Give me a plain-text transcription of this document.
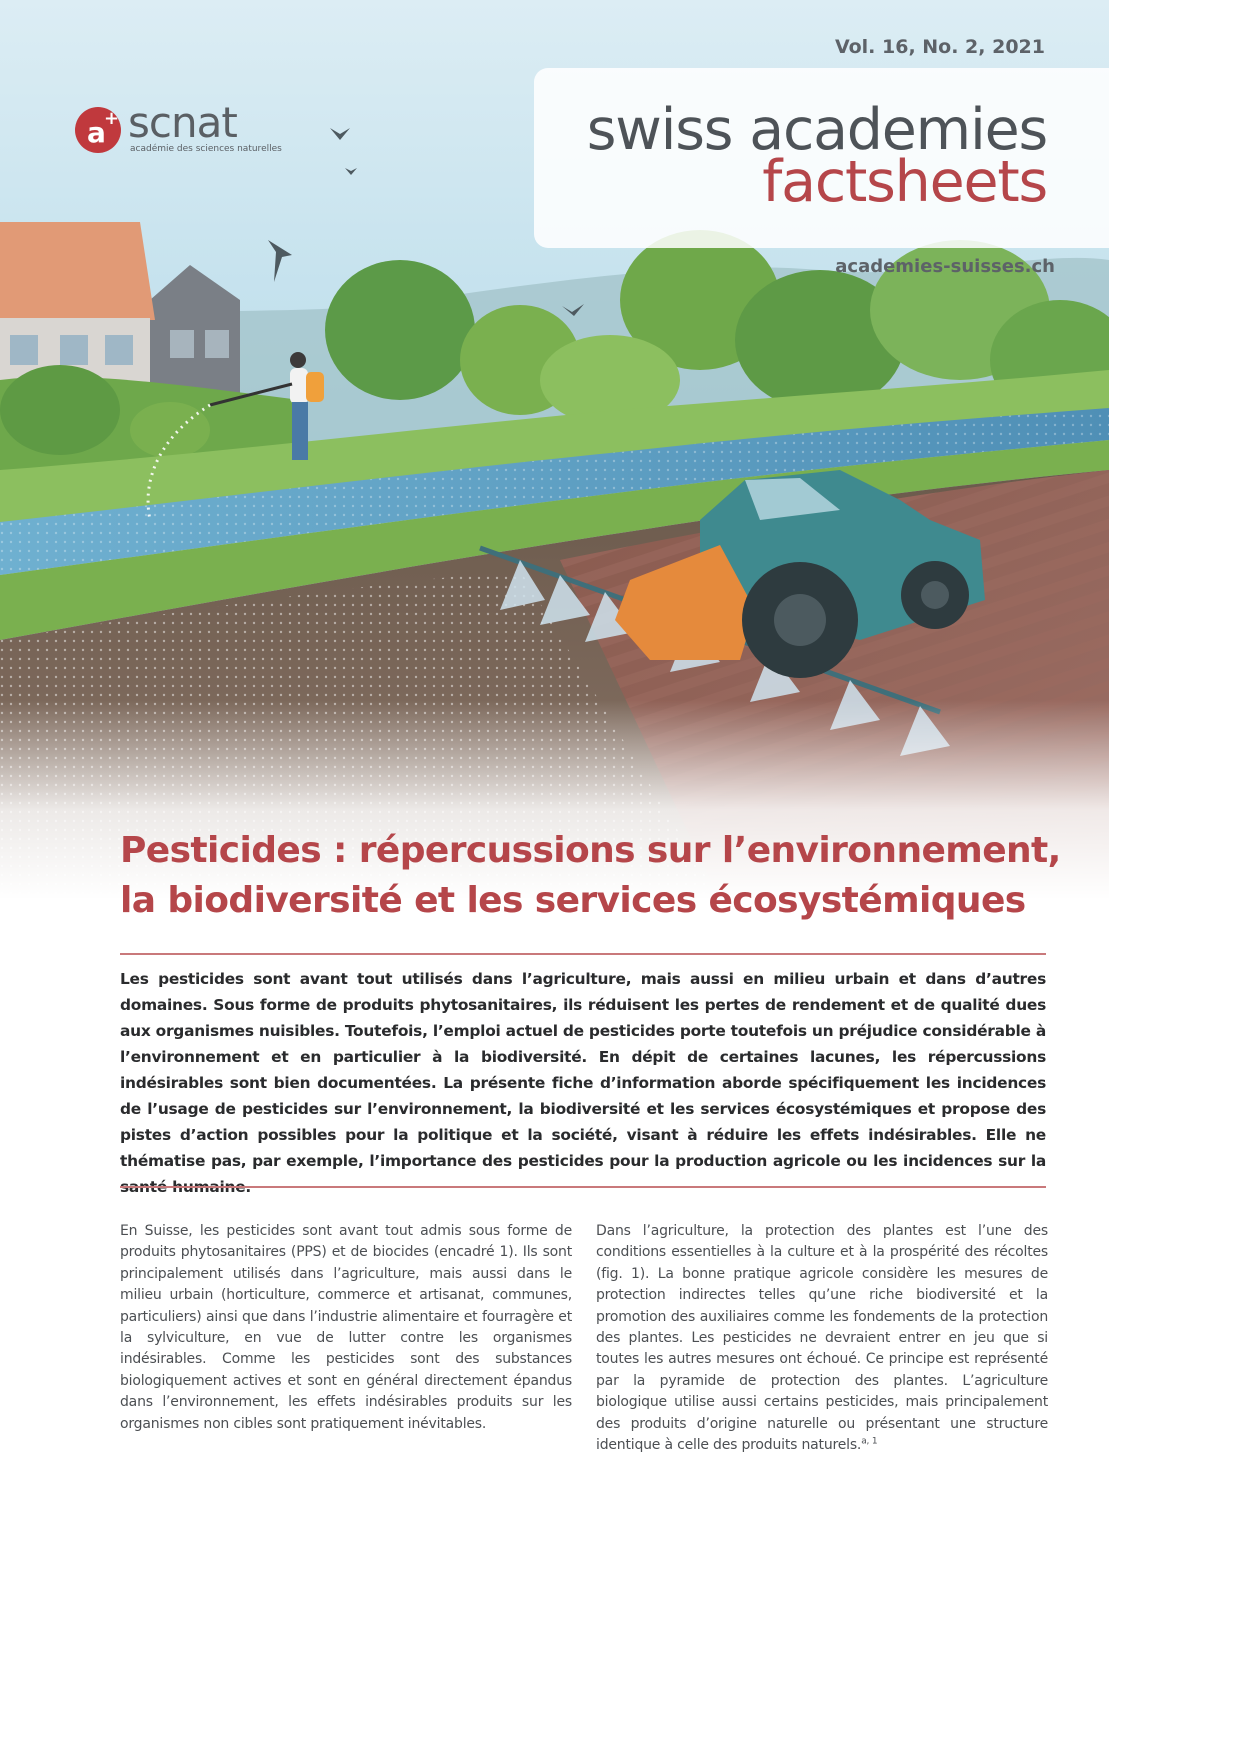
Vol. 16, No. 2, 2021
swiss academies
factsheets
academies-suisses.ch
a
+ scnat
académie des sciences naturelles
Pesticides : répercussions sur l’environnement,
la biodiversité et les services écosystémiques
Les pesticides sont avant tout utilisés dans l’agriculture, mais aussi en milieu urbain et dans d’autres domaines. Sous forme de produits phytosanitaires, ils réduisent les pertes de rendement et de qualité dues aux organismes nuisibles. Toutefois, l’emploi actuel de pesticides porte toutefois un préjudice considérable à l’environnement et en particulier à la biodiversité. En dépit de certaines lacunes, les répercussions indésirables sont bien documentées. La présente fiche d’information aborde spécifiquement les incidences de l’usage de pesticides sur l’environnement, la biodiversité et les services écosystémiques et propose des pistes d’action possibles pour la politique et la société, visant à réduire les effets indésirables. Elle ne thématise pas, par exemple, l’importance des pesticides pour la production agricole ou les incidences sur la santé humaine.
En Suisse, les pesticides sont avant tout admis sous forme de produits phytosanitaires (PPS) et de biocides (encadré 1). Ils sont principalement utilisés dans l’agriculture, mais aussi dans le milieu urbain (horticulture, commerce et artisanat, communes, particuliers) ainsi que dans l’industrie alimentaire et fourragère et la sylviculture, en vue de lutter contre les organismes indésirables. Comme les pesticides sont des substances biologiquement actives et sont en général directement épandus dans l’environnement, les effets indésirables produits sur les organismes non cibles sont pratiquement inévitables.
Dans l’agriculture, la protection des plantes est l’une des conditions essentielles à la culture et à la prospérité des récoltes (fig. 1). La bonne pratique agricole considère les mesures de protection indirectes telles qu’une riche biodiversité et la promotion des auxiliaires comme les fondements de la protection des plantes. Les pesticides ne devraient entrer en jeu que si toutes les autres mesures ont échoué. Ce principe est représenté par la pyramide de protection des plantes. L’agriculture biologique utilise aussi certains pesticides, mais principalement des produits d’origine naturelle ou présentant une structure identique à celle des produits naturels.$^{a, 1}$
